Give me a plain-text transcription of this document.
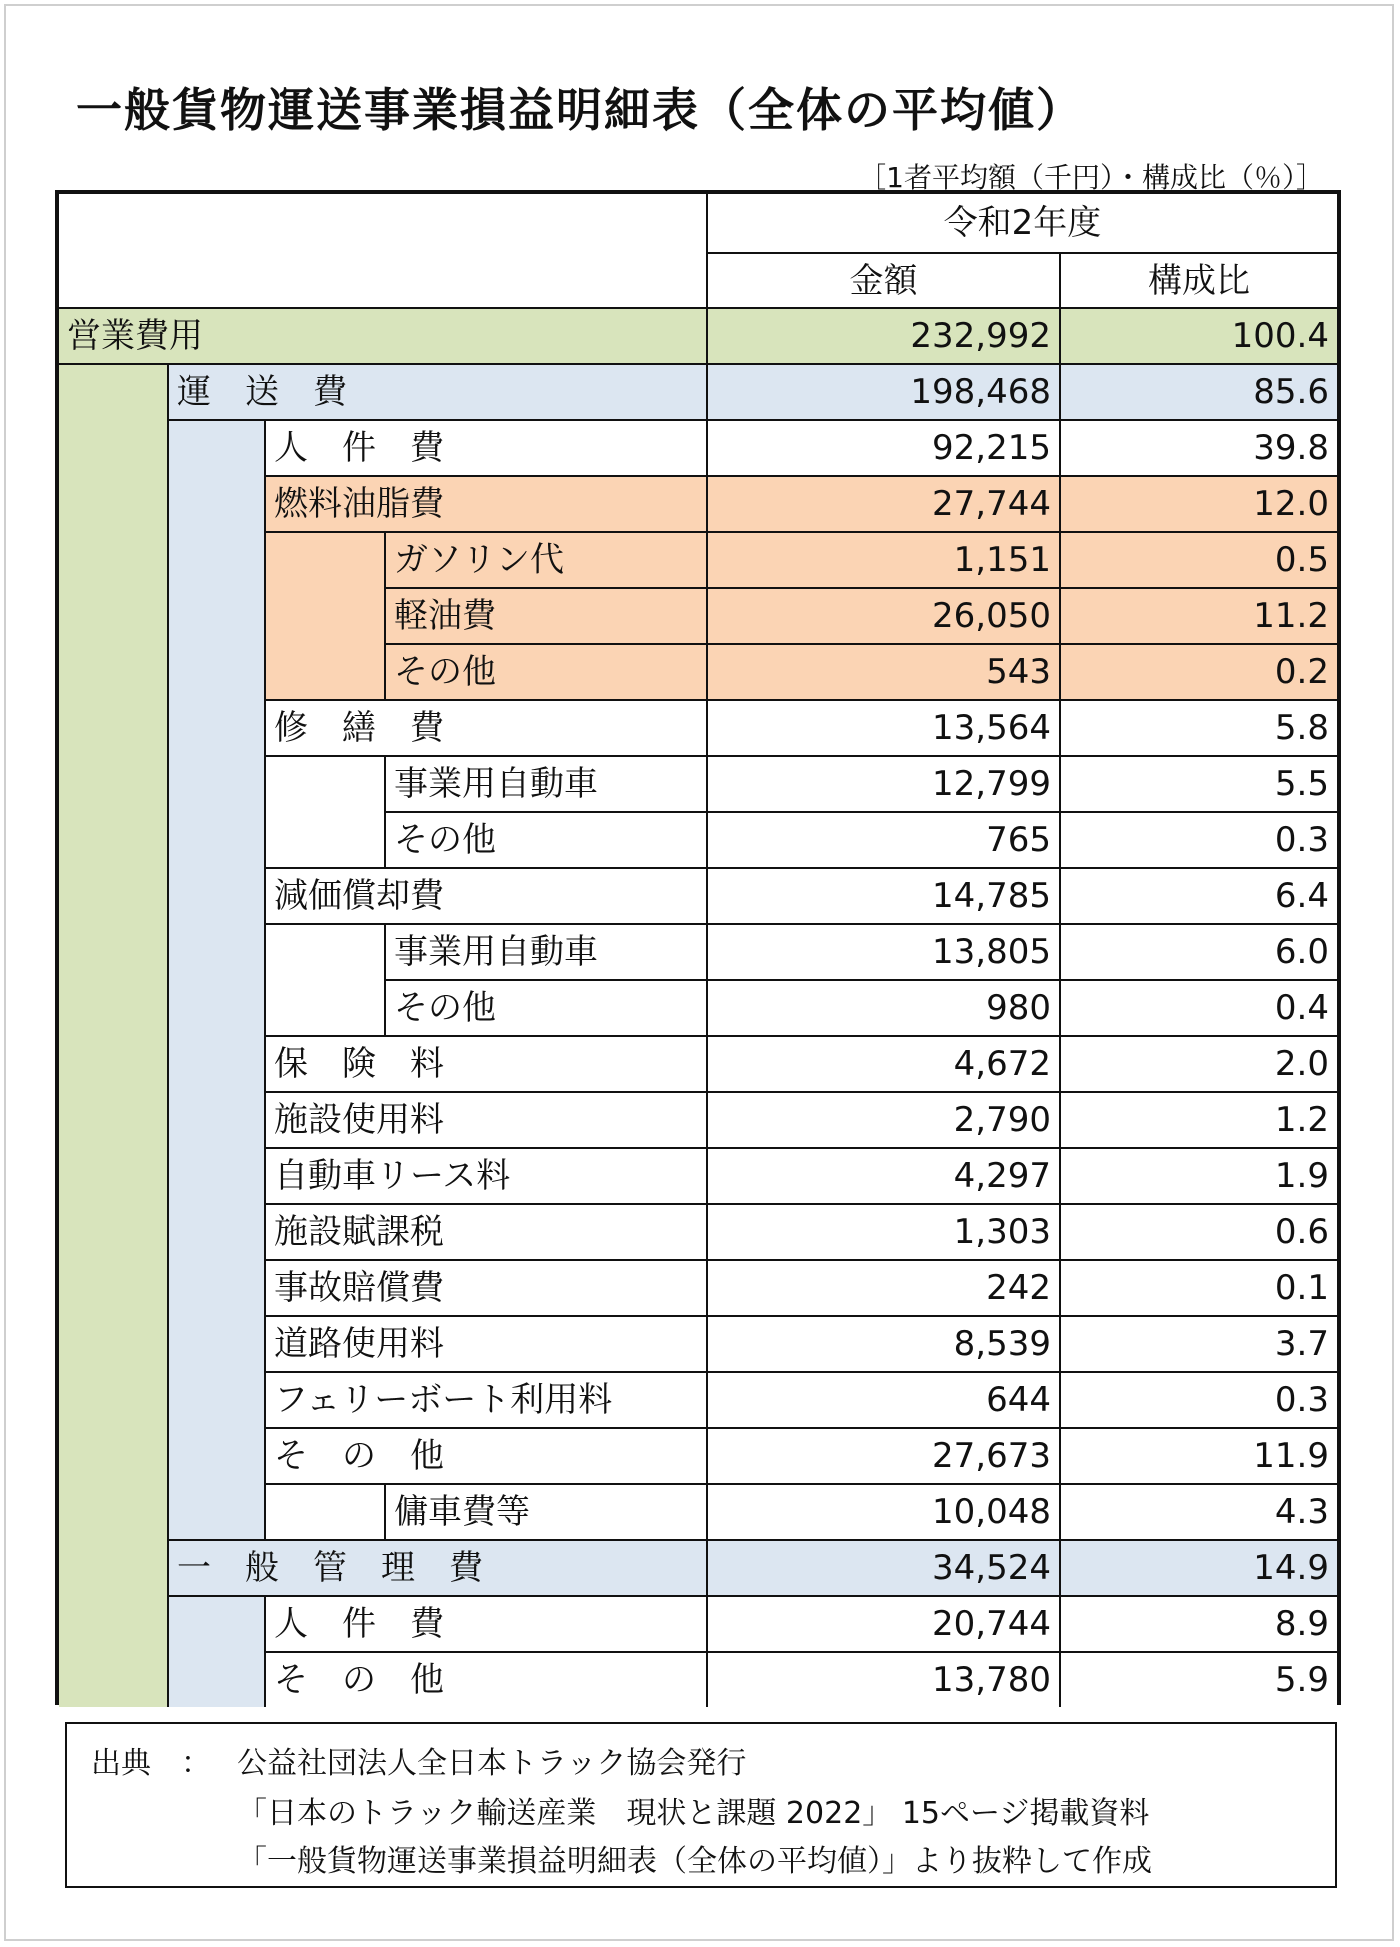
一般貨物運送事業損益明細表（全体の平均値）
［1者平均額（千円）・構成比（％）］
令和2年度
金額	構成比
営業費用	232,992	100.4
運　送　費	198,468	85.6
人　件　費	92,215	39.8
燃料油脂費	27,744	12.0
ガソリン代	1,151	0.5
軽油費	26,050	11.2
その他	543	0.2
修　繕　費	13,564	5.8
事業用自動車	12,799	5.5
その他	765	0.3
減価償却費	14,785	6.4
事業用自動車	13,805	6.0
その他	980	0.4
保　険　料	4,672	2.0
施設使用料	2,790	1.2
自動車リース料	4,297	1.9
施設賦課税	1,303	0.6
事故賠償費	242	0.1
道路使用料	8,539	3.7
フェリーボート利用料	644	0.3
そ　の　他	27,673	11.9
傭車費等	10,048	4.3
一　般　管　理　費	34,524	14.9
人　件　費	20,744	8.9
そ　の　他	13,780	5.9
出典　： 公益社団法人全日本トラック協会発行
「日本のトラック輸送産業　現状と課題 2022」 15ページ掲載資料
「一般貨物運送事業損益明細表（全体の平均値）」より抜粋して作成
